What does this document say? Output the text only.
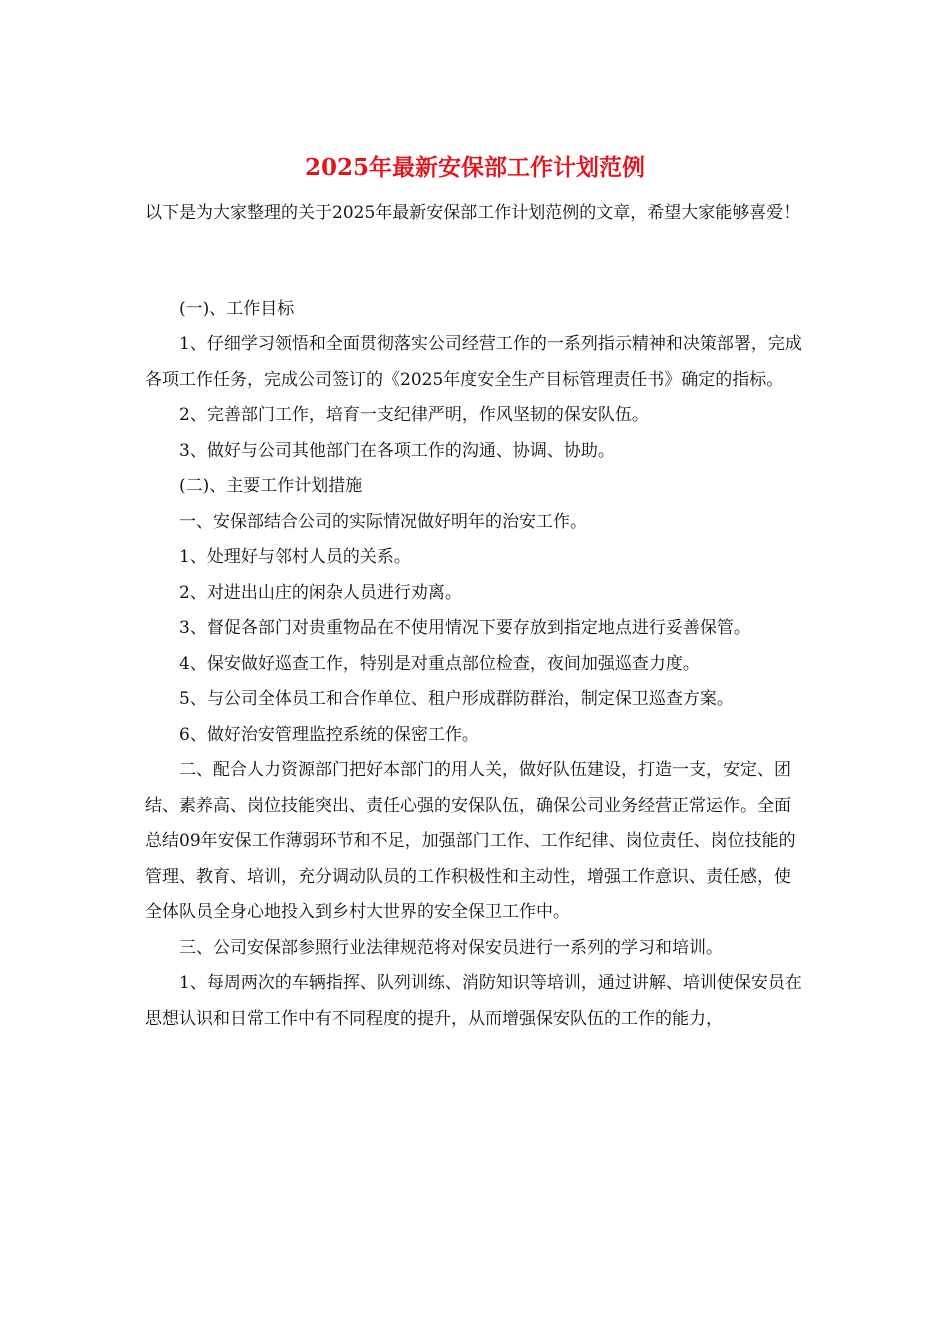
2025年最新安保部工作计划范例

以下是为大家整理的关于2025年最新安保部工作计划范例的文章，希望大家能够喜爱！

(一)、工作目标

1、仔细学习领悟和全面贯彻落实公司经营工作的一系列指示精神和决策部署，完成各项工作任务，完成公司签订的《2025年度安全生产目标管理责任书》确定的指标。

2、完善部门工作，培育一支纪律严明，作风坚韧的保安队伍。

3、做好与公司其他部门在各项工作的沟通、协调、协助。

(二)、主要工作计划措施

一、安保部结合公司的实际情况做好明年的治安工作。

1、处理好与邻村人员的关系。

2、对进出山庄的闲杂人员进行劝离。

3、督促各部门对贵重物品在不使用情况下要存放到指定地点进行妥善保管。

4、保安做好巡查工作，特别是对重点部位检查，夜间加强巡查力度。

5、与公司全体员工和合作单位、租户形成群防群治，制定保卫巡查方案。

6、做好治安管理监控系统的保密工作。

二、配合人力资源部门把好本部门的用人关，做好队伍建设，打造一支，安定、团结、素养高、岗位技能突出、责任心强的安保队伍，确保公司业务经营正常运作。全面总结09年安保工作薄弱环节和不足，加强部门工作、工作纪律、岗位责任、岗位技能的管理、教育、培训，充分调动队员的工作积极性和主动性，增强工作意识、责任感，使全体队员全身心地投入到乡村大世界的安全保卫工作中。

三、公司安保部参照行业法律规范将对保安员进行一系列的学习和培训。

1、每周两次的车辆指挥、队列训练、消防知识等培训，通过讲解、培训使保安员在思想认识和日常工作中有不同程度的提升，从而增强保安队伍的工作的能力，
